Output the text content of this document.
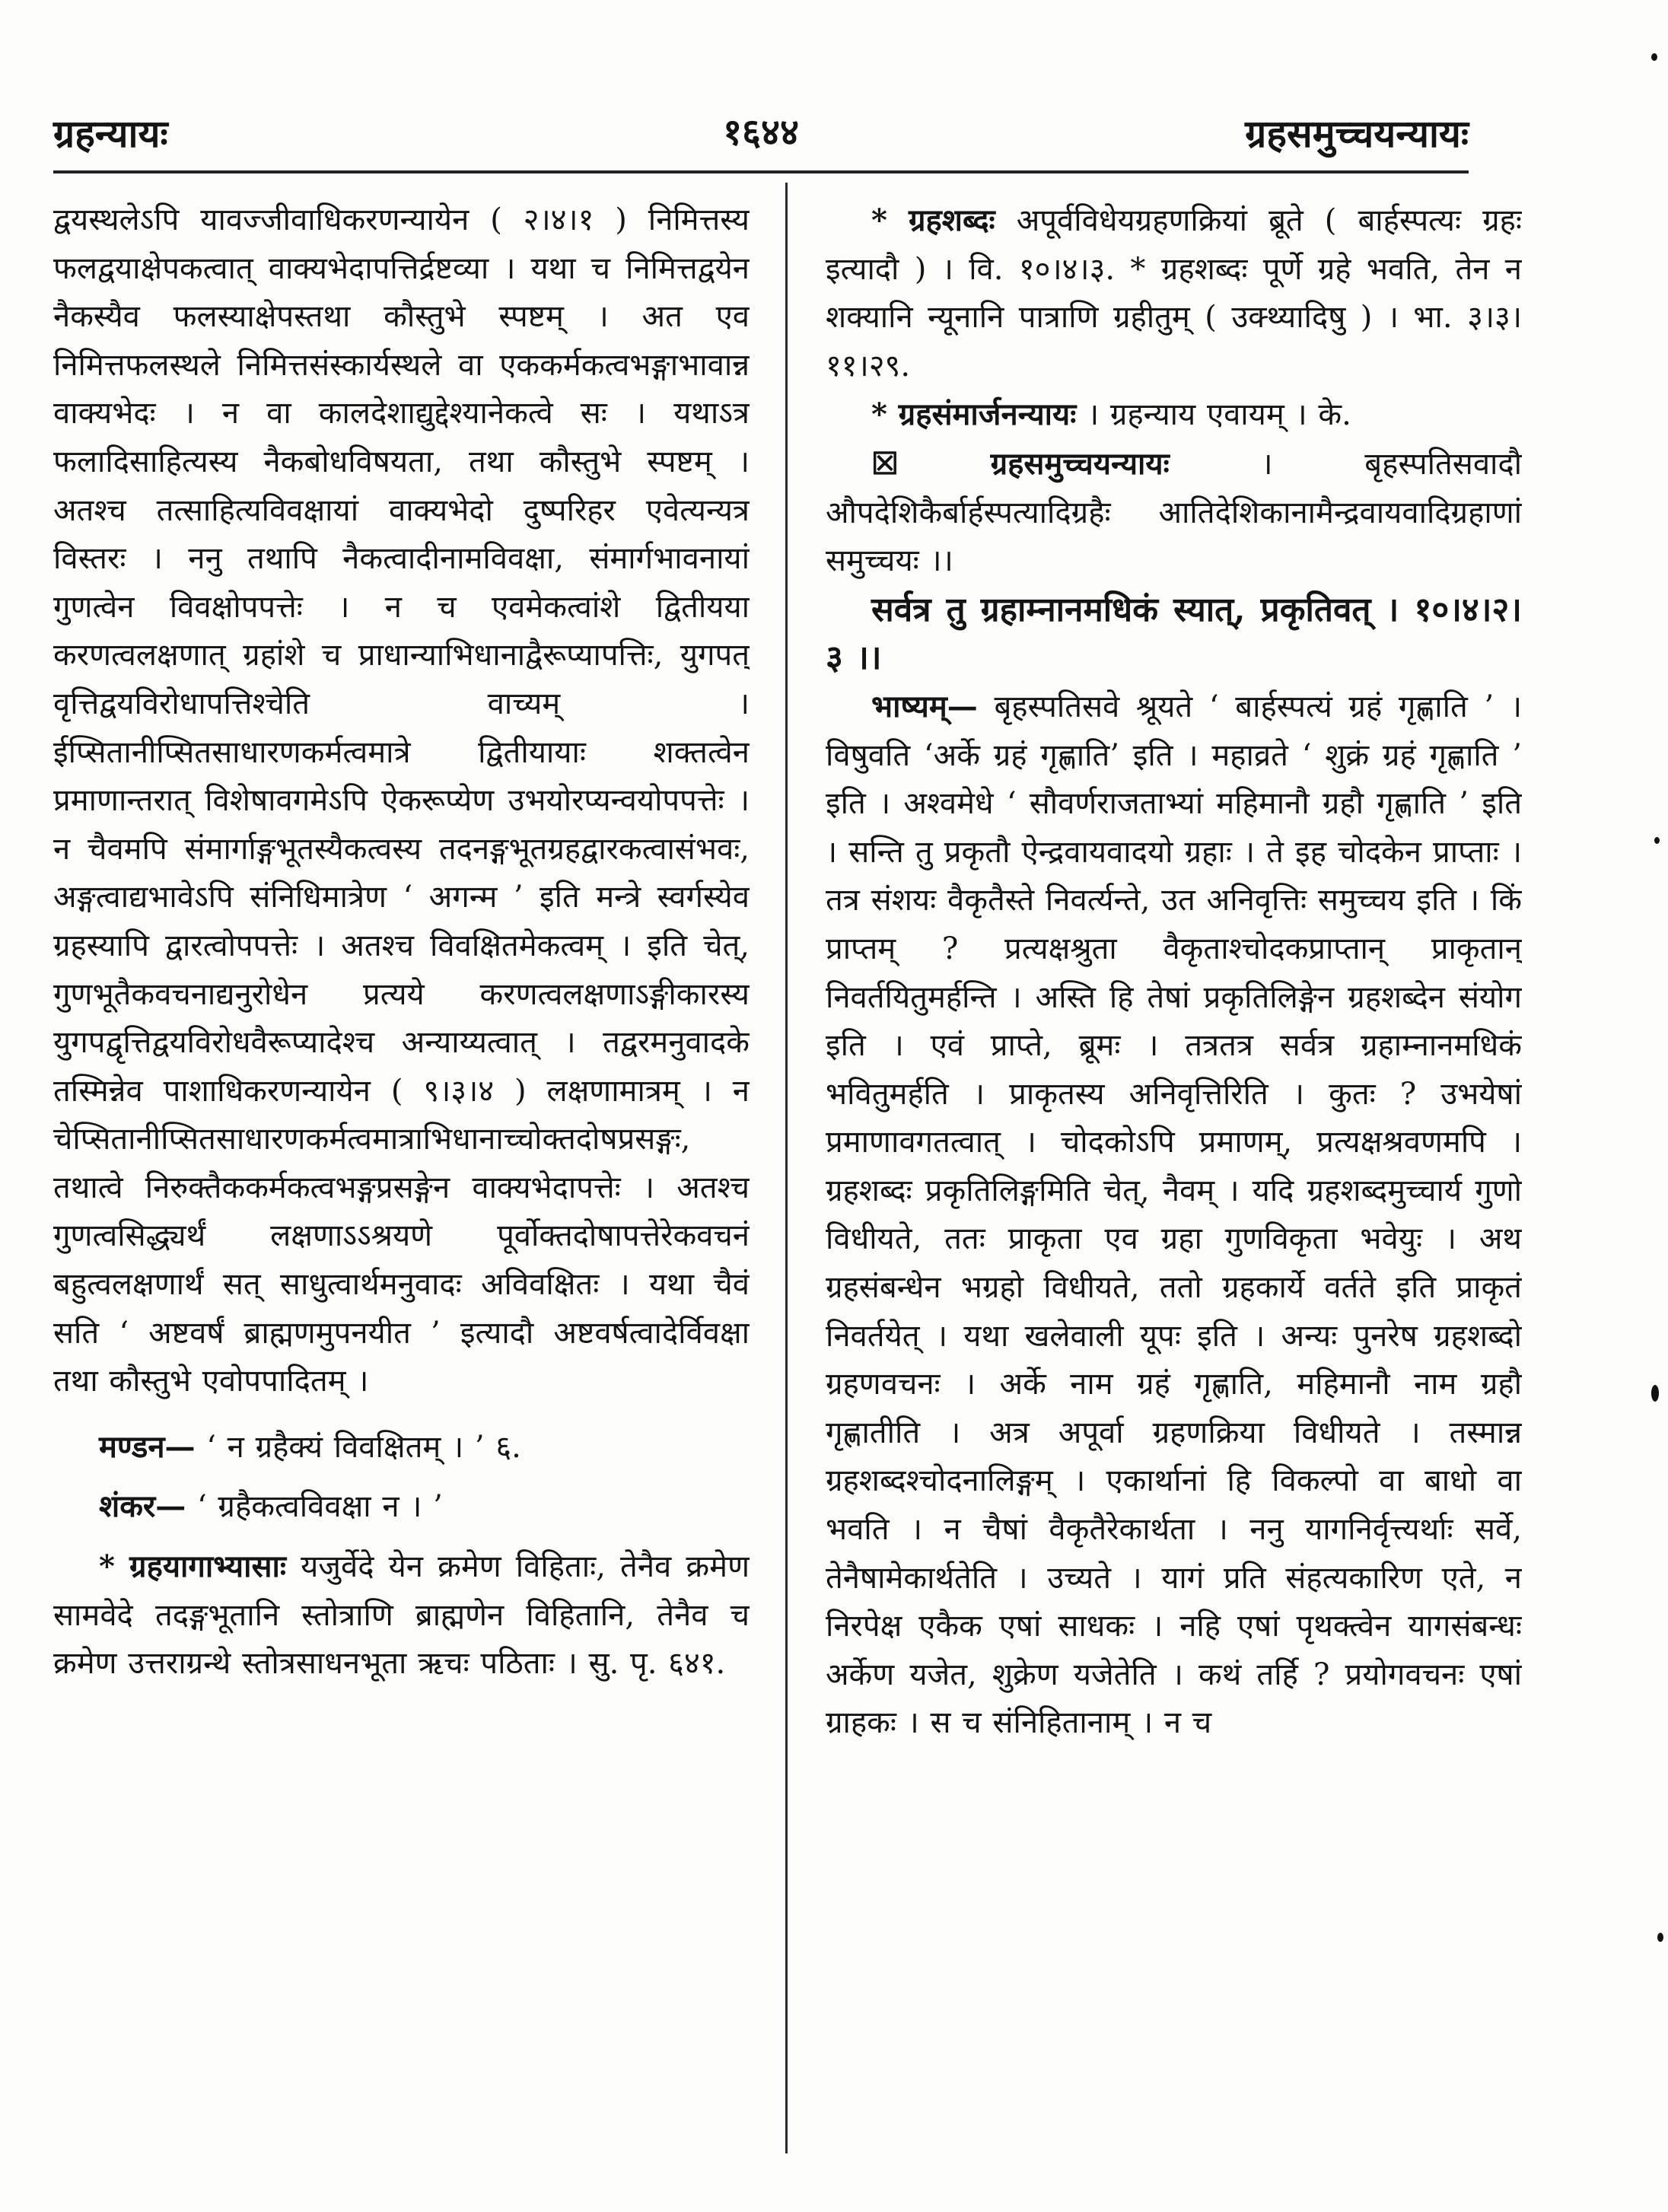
ग्रहन्यायः	१६४४	ग्रहसमुच्चयन्यायः

द्वयस्थलेऽपि यावज्जीवाधिकरणन्यायेन ( २।४।१ ) निमित्तस्य फलद्वयाक्षेपकत्वात् वाक्यभेदापत्तिर्द्रष्टव्या । यथा च निमित्तद्वयेन नैकस्यैव फलस्याक्षेपस्तथा कौस्तुभे स्पष्टम् । अत एव निमित्तफलस्थले निमित्तसंस्कार्यस्थले वा एककर्मकत्वभङ्गाभावान्न वाक्यभेदः । न वा कालदेशाद्युद्देश्यानेकत्वे सः । यथाऽत्र फलादिसाहित्यस्य नैकबोधविषयता, तथा कौस्तुभे स्पष्टम् । अतश्च तत्साहित्यविवक्षायां वाक्यभेदो दुष्परिहर एवेत्यन्यत्र विस्तरः । ननु तथापि नैकत्वादीनामविवक्षा, संमार्गभावनायां गुणत्वेन विवक्षोपपत्तेः । न च एवमेकत्वांशे द्वितीयया करणत्वलक्षणात् ग्रहांशे च प्राधान्याभिधानाद्वैरूप्यापत्तिः, युगपत् वृत्तिद्वयविरोधापत्तिश्चेति वाच्यम् । ईप्सितानीप्सितसाधारणकर्मत्वमात्रे द्वितीयायाः शक्तत्वेन प्रमाणान्तरात् विशेषावगमेऽपि ऐकरूप्येण उभयोरप्यन्वयोपपत्तेः । न चैवमपि संमार्गाङ्गभूतस्यैकत्वस्य तदनङ्गभूतग्रहद्वारकत्वासंभवः, अङ्गत्वाद्यभावेऽपि संनिधिमात्रेण ‘ अगन्म ’ इति मन्त्रे स्वर्गस्येव ग्रहस्यापि द्वारत्वोपपत्तेः । अतश्च विवक्षितमेकत्वम् । इति चेत्, गुणभूतैकवचनाद्यनुरोधेन प्रत्यये करणत्वलक्षणाऽङ्गीकारस्य युगपद्वृत्तिद्वयविरोधवैरूप्यादेश्च अन्याय्यत्वात् । तद्वरमनुवादके तस्मिन्नेव पाशाधिकरणन्यायेन ( ९।३।४ ) लक्षणामात्रम् । न चेप्सितानीप्सितसाधारणकर्मत्वमात्राभिधानाच्चोक्तदोषप्रसङ्गः, तथात्वे निरुक्तैककर्मकत्वभङ्गप्रसङ्गेन वाक्यभेदापत्तेः । अतश्च गुणत्वसिद्ध्यर्थं लक्षणाऽऽश्रयणे पूर्वोक्तदोषापत्तेरेकवचनं बहुत्वलक्षणार्थं सत् साधुत्वार्थमनुवादः अविवक्षितः । यथा चैवं सति ‘ अष्टवर्षं ब्राह्मणमुपनयीत ’ इत्यादौ अष्टवर्षत्वादेर्विवक्षा तथा कौस्तुभे एवोपपादितम् ।

मण्डन— ‘ न ग्रहैक्यं विवक्षितम् । ’ ६.

शंकर— ‘ ग्रहैकत्वविवक्षा न । ’

* ग्रहयागाभ्यासाः यजुर्वेदे येन क्रमेण विहिताः, तेनैव क्रमेण सामवेदे तदङ्गभूतानि स्तोत्राणि ब्राह्मणेन विहितानि, तेनैव च क्रमेण उत्तराग्रन्थे स्तोत्रसाधनभूता ऋचः पठिताः । सु. पृ. ६४१.

* ग्रहशब्दः अपूर्वविधेयग्रहणक्रियां ब्रूते ( बार्हस्पत्यः ग्रहः इत्यादौ ) । वि. १०।४।३. * ग्रहशब्दः पूर्णे ग्रहे भवति, तेन न शक्यानि न्यूनानि पात्राणि ग्रहीतुम् ( उक्थ्यादिषु ) । भा. ३।३।११।२९.

* ग्रहसंमार्जनन्यायः । ग्रहन्याय एवायम् । के.

☒	ग्रहसमुच्चयन्यायः	। बृहस्पतिसवादौ औपदेशिकैर्बार्हस्पत्यादिग्रहैः आतिदेशिकानामैन्द्रवायवादिग्रहाणां समुच्चयः ।।

सर्वत्र तु ग्रहाम्नानमधिकं स्यात्, प्रकृतिवत् । १०।४।२।३ ।।

भाष्यम्— बृहस्पतिसवे श्रूयते ‘ बार्हस्पत्यं ग्रहं गृह्णाति ’ । विषुवति ‘अर्के ग्रहं गृह्णाति’ इति । महाव्रते ‘ शुक्रं ग्रहं गृह्णाति ’ इति । अश्वमेधे ‘ सौवर्णराजताभ्यां महिमानौ ग्रहौ गृह्णाति ’ इति । सन्ति तु प्रकृतौ ऐन्द्रवायवादयो ग्रहाः । ते इह चोदकेन प्राप्ताः । तत्र संशयः वैकृतैस्ते निवर्त्यन्ते, उत अनिवृत्तिः समुच्चय इति । किं प्राप्तम् ? प्रत्यक्षश्रुता वैकृताश्चोदकप्राप्तान् प्राकृतान् निवर्तयितुमर्हन्ति । अस्ति हि तेषां प्रकृतिलिङ्गेन ग्रहशब्देन संयोग इति । एवं प्राप्ते, ब्रूमः । तत्रतत्र सर्वत्र ग्रहाम्नानमधिकं भवितुमर्हति । प्राकृतस्य अनिवृत्तिरिति । कुतः ? उभयेषां प्रमाणावगतत्वात् । चोदकोऽपि प्रमाणम्, प्रत्यक्षश्रवणमपि । ग्रहशब्दः प्रकृतिलिङ्गमिति चेत्, नैवम् । यदि ग्रहशब्दमुच्चार्य गुणो विधीयते, ततः प्राकृता एव ग्रहा गुणविकृता भवेयुः । अथ ग्रहसंबन्धेन भग्रहो विधीयते, ततो ग्रहकार्ये वर्तते इति प्राकृतं निवर्तयेत् । यथा खलेवाली यूपः इति । अन्यः पुनरेष ग्रहशब्दो ग्रहणवचनः । अर्के नाम ग्रहं गृह्णाति, महिमानौ नाम ग्रहौ गृह्णातीति । अत्र अपूर्वा ग्रहणक्रिया विधीयते । तस्मान्न ग्रहशब्दश्चोदनालिङ्गम् । एकार्थानां हि विकल्पो वा बाधो वा भवति । न चैषां वैकृतैरेकार्थता । ननु यागनिर्वृत्त्यर्थाः सर्वे, तेनैषामेकार्थतेति । उच्यते । यागं प्रति संहत्यकारिण एते, न निरपेक्ष एकैक एषां साधकः । नहि एषां पृथक्त्वेन यागसंबन्धः अर्केण यजेत, शुक्रेण यजेतेति । कथं तर्हि ? प्रयोगवचनः एषां ग्राहकः । स च संनिहितानाम् । न च
